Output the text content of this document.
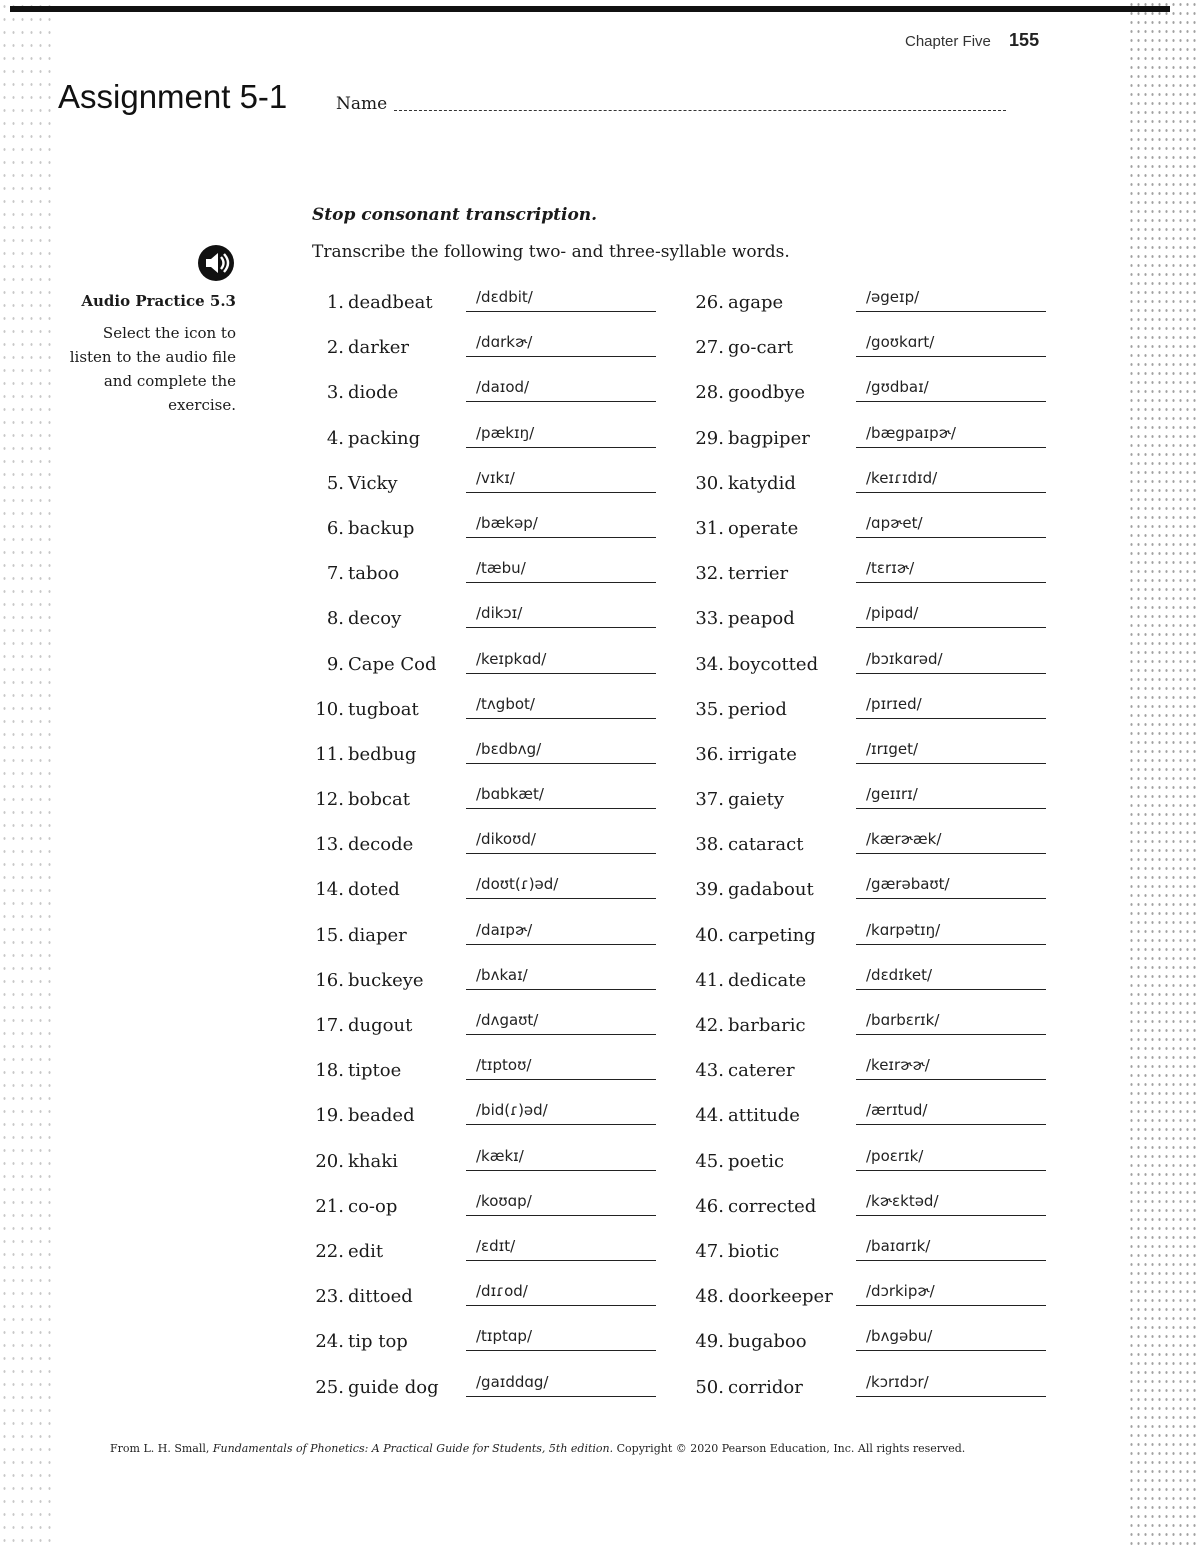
Chapter Five 155
Assignment 5-1	Name
Stop consonant transcription.
Transcribe the following two- and three-syllable words.
Audio Practice 5.3
Select the icon to listen to the audio file and complete the exercise.
1. deadbeat	/dɛdbit/
2. darker	/dɑrkɚ/
3. diode	/daɪod/
4. packing	/pækɪŋ/
5. Vicky	/vɪkɪ/
6. backup	/bækəp/
7. taboo	/tæbu/
8. decoy	/dikɔɪ/
9. Cape Cod	/keɪpkɑd/
10. tugboat	/tʌgbot/
11. bedbug	/bɛdbʌg/
12. bobcat	/bɑbkæt/
13. decode	/dikoʊd/
14. doted	/doʊt(ɾ)əd/
15. diaper	/daɪpɚ/
16. buckeye	/bʌkaɪ/
17. dugout	/dʌgaʊt/
18. tiptoe	/tɪptoʊ/
19. beaded	/bid(ɾ)əd/
20. khaki	/kækɪ/
21. co-op	/koʊɑp/
22. edit	/ɛdɪt/
23. dittoed	/dɪɾod/
24. tip top	/tɪptɑp/
25. guide dog	/gaɪddɑg/
26. agape	/əgeɪp/
27. go-cart	/goʊkɑrt/
28. goodbye	/gʊdbaɪ/
29. bagpiper	/bægpaɪpɚ/
30. katydid	/keɪɾɪdɪd/
31. operate	/ɑpɚet/
32. terrier	/tɛrɪɚ/
33. peapod	/pipɑd/
34. boycotted	/bɔɪkɑrəd/
35. period	/pɪrɪed/
36. irrigate	/ɪrɪget/
37. gaiety	/geɪɪrɪ/
38. cataract	/kærɚæk/
39. gadabout	/gærəbaʊt/
40. carpeting	/kɑrpətɪŋ/
41. dedicate	/dɛdɪket/
42. barbaric	/bɑrbɛrɪk/
43. caterer	/keɪrɚɚ/
44. attitude	/ærɪtud/
45. poetic	/poɛrɪk/
46. corrected	/kɚɛktəd/
47. biotic	/baɪɑrɪk/
48. doorkeeper	/dɔrkipɚ/
49. bugaboo	/bʌgəbu/
50. corridor	/kɔrɪdɔr/
From L. H. Small, Fundamentals of Phonetics: A Practical Guide for Students, 5th edition. Copyright © 2020 Pearson Education, Inc. All rights reserved.
